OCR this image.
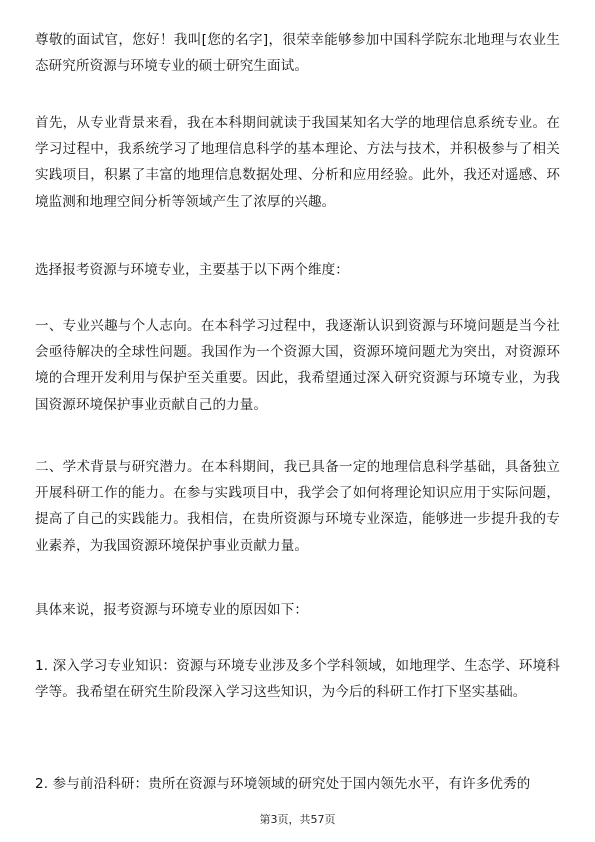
尊敬的面试官，您好！我叫[您的名字]，很荣幸能够参加中国科学院东北地理与农业生态研究所资源与环境专业的硕士研究生面试。

首先，从专业背景来看，我在本科期间就读于我国某知名大学的地理信息系统专业。在学习过程中，我系统学习了地理信息科学的基本理论、方法与技术，并积极参与了相关实践项目，积累了丰富的地理信息数据处理、分析和应用经验。此外，我还对遥感、环境监测和地理空间分析等领域产生了浓厚的兴趣。

选择报考资源与环境专业，主要基于以下两个维度：

一、专业兴趣与个人志向。在本科学习过程中，我逐渐认识到资源与环境问题是当今社会亟待解决的全球性问题。我国作为一个资源大国，资源环境问题尤为突出，对资源环境的合理开发利用与保护至关重要。因此，我希望通过深入研究资源与环境专业，为我国资源环境保护事业贡献自己的力量。

二、学术背景与研究潜力。在本科期间，我已具备一定的地理信息科学基础，具备独立开展科研工作的能力。在参与实践项目中，我学会了如何将理论知识应用于实际问题，提高了自己的实践能力。我相信，在贵所资源与环境专业深造，能够进一步提升我的专业素养，为我国资源环境保护事业贡献力量。

具体来说，报考资源与环境专业的原因如下：

1. 深入学习专业知识：资源与环境专业涉及多个学科领域，如地理学、生态学、环境科学等。我希望在研究生阶段深入学习这些知识，为今后的科研工作打下坚实基础。

2. 参与前沿科研：贵所在资源与环境领域的研究处于国内领先水平，有许多优秀的

第3页，共57页
